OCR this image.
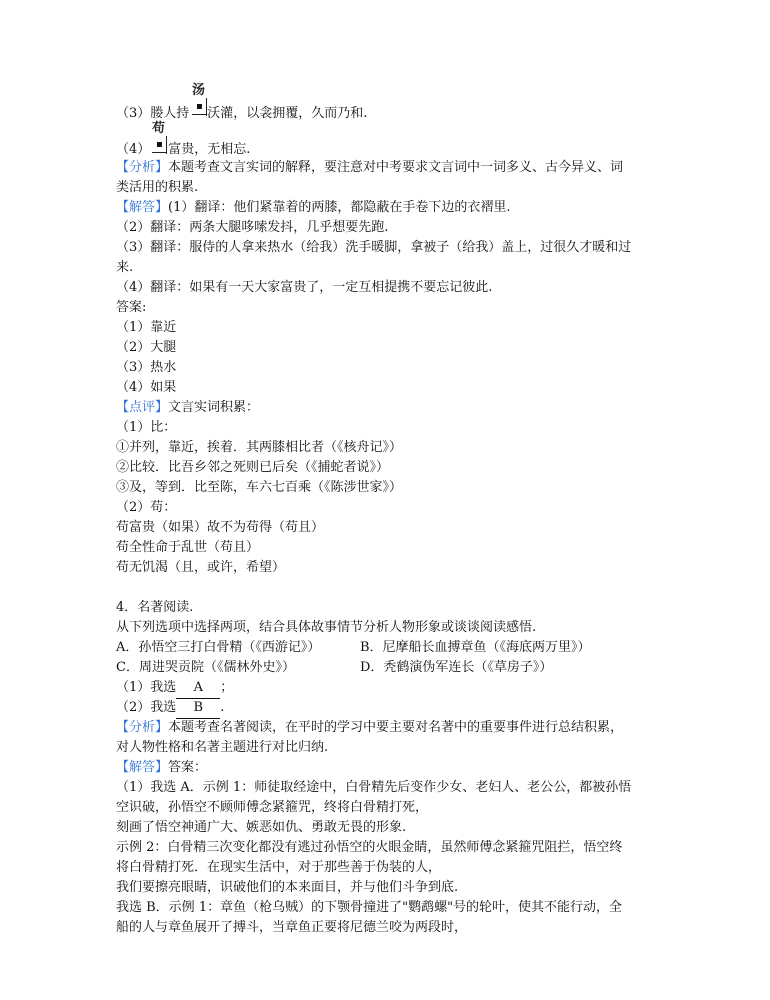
汤
▪
（3）媵人持 沃灌，以衾拥覆，久而乃和.
苟
▪
（4） 富贵，无相忘.
【分析】本题考查文言实词的解释，要注意对中考要求文言词中一词多义、古今异义、词
类活用的积累.
【解答】(1）翻译：他们紧靠着的两膝，都隐蔽在手卷下边的衣褶里.
（2）翻译：两条大腿哆嗦发抖，几乎想要先跑.
（3）翻译：服侍的人拿来热水（给我）洗手暖脚，拿被子（给我）盖上，过很久才暖和过
来.
（4）翻译：如果有一天大家富贵了，一定互相提携不要忘记彼此.
答案:
（1）靠近
（2）大腿
（3）热水
（4）如果
【点评】文言实词积累：
（1）比：
①并列，靠近，挨着．其两膝相比者（《核舟记》）
②比较．比吾乡邻之死则已后矣（《捕蛇者说》）
③及，等到．比至陈，车六七百乘（《陈涉世家》）
（2）苟：
苟富贵（如果）故不为苟得（苟且）
苟全性命于乱世（苟且）
苟无饥渴（且，或许，希望）
4．名著阅读.
从下列选项中选择两项，结合具体故事情节分析人物形象或谈谈阅读感悟.
A．孙悟空三打白骨精（《西游记》）	B．尼摩船长血搏章鱼（《海底两万里》）
C．周进哭贡院（《儒林外史》）	D．秃鹤演伪军连长（《草房子》）
（1）我选 A ；
（2）我选 B .
【分析】本题考查名著阅读，在平时的学习中要主要对名著中的重要事件进行总结积累，
对人物性格和名著主题进行对比归纳.
【解答】答案：
（1）我选 A．示例 1：师徒取经途中，白骨精先后变作少女、老妇人、老公公，都被孙悟
空识破，孙悟空不顾师傅念紧箍咒，终将白骨精打死，
刻画了悟空神通广大、嫉恶如仇、勇敢无畏的形象.
示例 2：白骨精三次变化都没有逃过孙悟空的火眼金睛，虽然师傅念紧箍咒阻拦，悟空终
将白骨精打死．在现实生活中，对于那些善于伪装的人，
我们要擦亮眼睛，识破他们的本来面目，并与他们斗争到底.
我选 B．示例 1：章鱼（枪乌贼）的下颚骨撞进了"鹦鹉螺"号的轮叶，使其不能行动，全
船的人与章鱼展开了搏斗，当章鱼正要将尼德兰咬为两段时，
